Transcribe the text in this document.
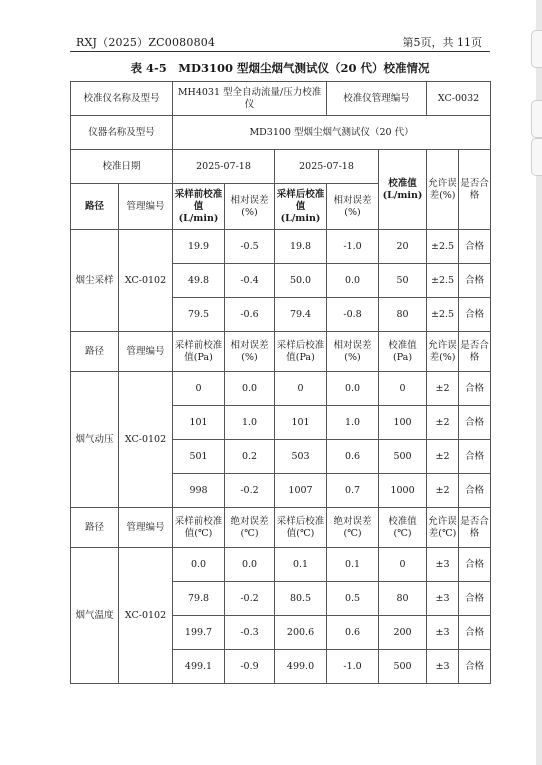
RXJ（2025）ZC0080804	第5页，共 11页
表 4-5　MD3100 型烟尘烟气测试仪（20 代）校准情况
校准仪名称及型号		MH4031 型全自动流量/压力校准仪			校准仪管理编号		XC-0032	
仪器名称及型号		MD3100 型烟尘烟气测试仪（20 代）						
校准日期		2025-07-18		2025-07-18		校准值(L/min)	允许误差(%)	是否合格
路径	管理编号	采样前校准值(L/min)	相对误差(%)	采样后校准值(L/min)	相对误差(%)			
烟尘采样	XC-0102	19.9	-0.5	19.8	-1.0	20	±2.5	合格
		49.8	-0.4	50.0	0.0	50	±2.5	合格
		79.5	-0.6	79.4	-0.8	80	±2.5	合格
路径	管理编号	采样前校准值(Pa)	相对误差(%)	采样后校准值(Pa)	相对误差(%)	校准值(Pa)	允许误差(%)	是否合格
烟气动压	XC-0102	0	0.0	0	0.0	0	±2	合格
		101	1.0	101	1.0	100	±2	合格
		501	0.2	503	0.6	500	±2	合格
		998	-0.2	1007	0.7	1000	±2	合格
路径	管理编号	采样前校准值(℃)	绝对误差(℃)	采样后校准值(℃)	绝对误差(℃)	校准值(℃)	允许误差(℃)	是否合格
烟气温度	XC-0102	0.0	0.0	0.1	0.1	0	±3	合格
		79.8	-0.2	80.5	0.5	80	±3	合格
		199.7	-0.3	200.6	0.6	200	±3	合格
		499.1	-0.9	499.0	-1.0	500	±3	合格
